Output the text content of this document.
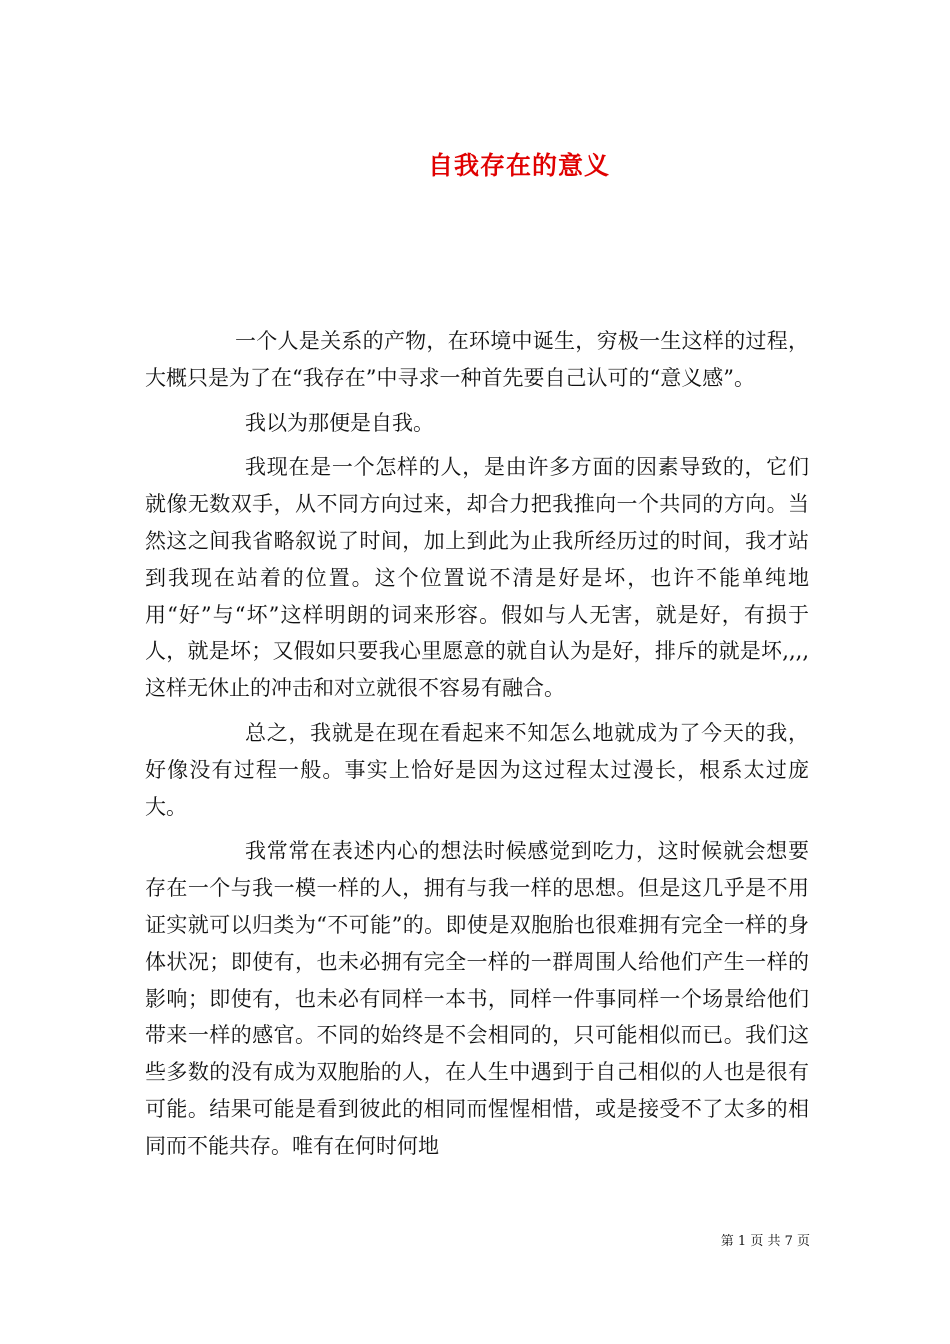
自我存在的意义

一个人是关系的产物，在环境中诞生，穷极一生这样的过程，大概只是为了在“我存在”中寻求一种首先要自己认可的“意义感”。

我以为那便是自我。

我现在是一个怎样的人，是由许多方面的因素导致的，它们就像无数双手，从不同方向过来，却合力把我推向一个共同的方向。当然这之间我省略叙说了时间，加上到此为止我所经历过的时间，我才站到我现在站着的位置。这个位置说不清是好是坏，也许不能单纯地用“好”与“坏”这样明朗的词来形容。假如与人无害，就是好，有损于人，就是坏；又假如只要我心里愿意的就自认为是好，排斥的就是坏,,,,这样无休止的冲击和对立就很不容易有融合。

总之，我就是在现在看起来不知怎么地就成为了今天的我，好像没有过程一般。事实上恰好是因为这过程太过漫长，根系太过庞大。

我常常在表述内心的想法时候感觉到吃力，这时候就会想要存在一个与我一模一样的人，拥有与我一样的思想。但是这几乎是不用证实就可以归类为“不可能”的。即使是双胞胎也很难拥有完全一样的身体状况；即使有，也未必拥有完全一样的一群周围人给他们产生一样的影响；即使有，也未必有同样一本书，同样一件事同样一个场景给他们带来一样的感官。不同的始终是不会相同的，只可能相似而已。我们这些多数的没有成为双胞胎的人，在人生中遇到于自己相似的人也是很有可能。结果可能是看到彼此的相同而惺惺相惜，或是接受不了太多的相同而不能共存。唯有在何时何地

第 1 页 共 7 页
